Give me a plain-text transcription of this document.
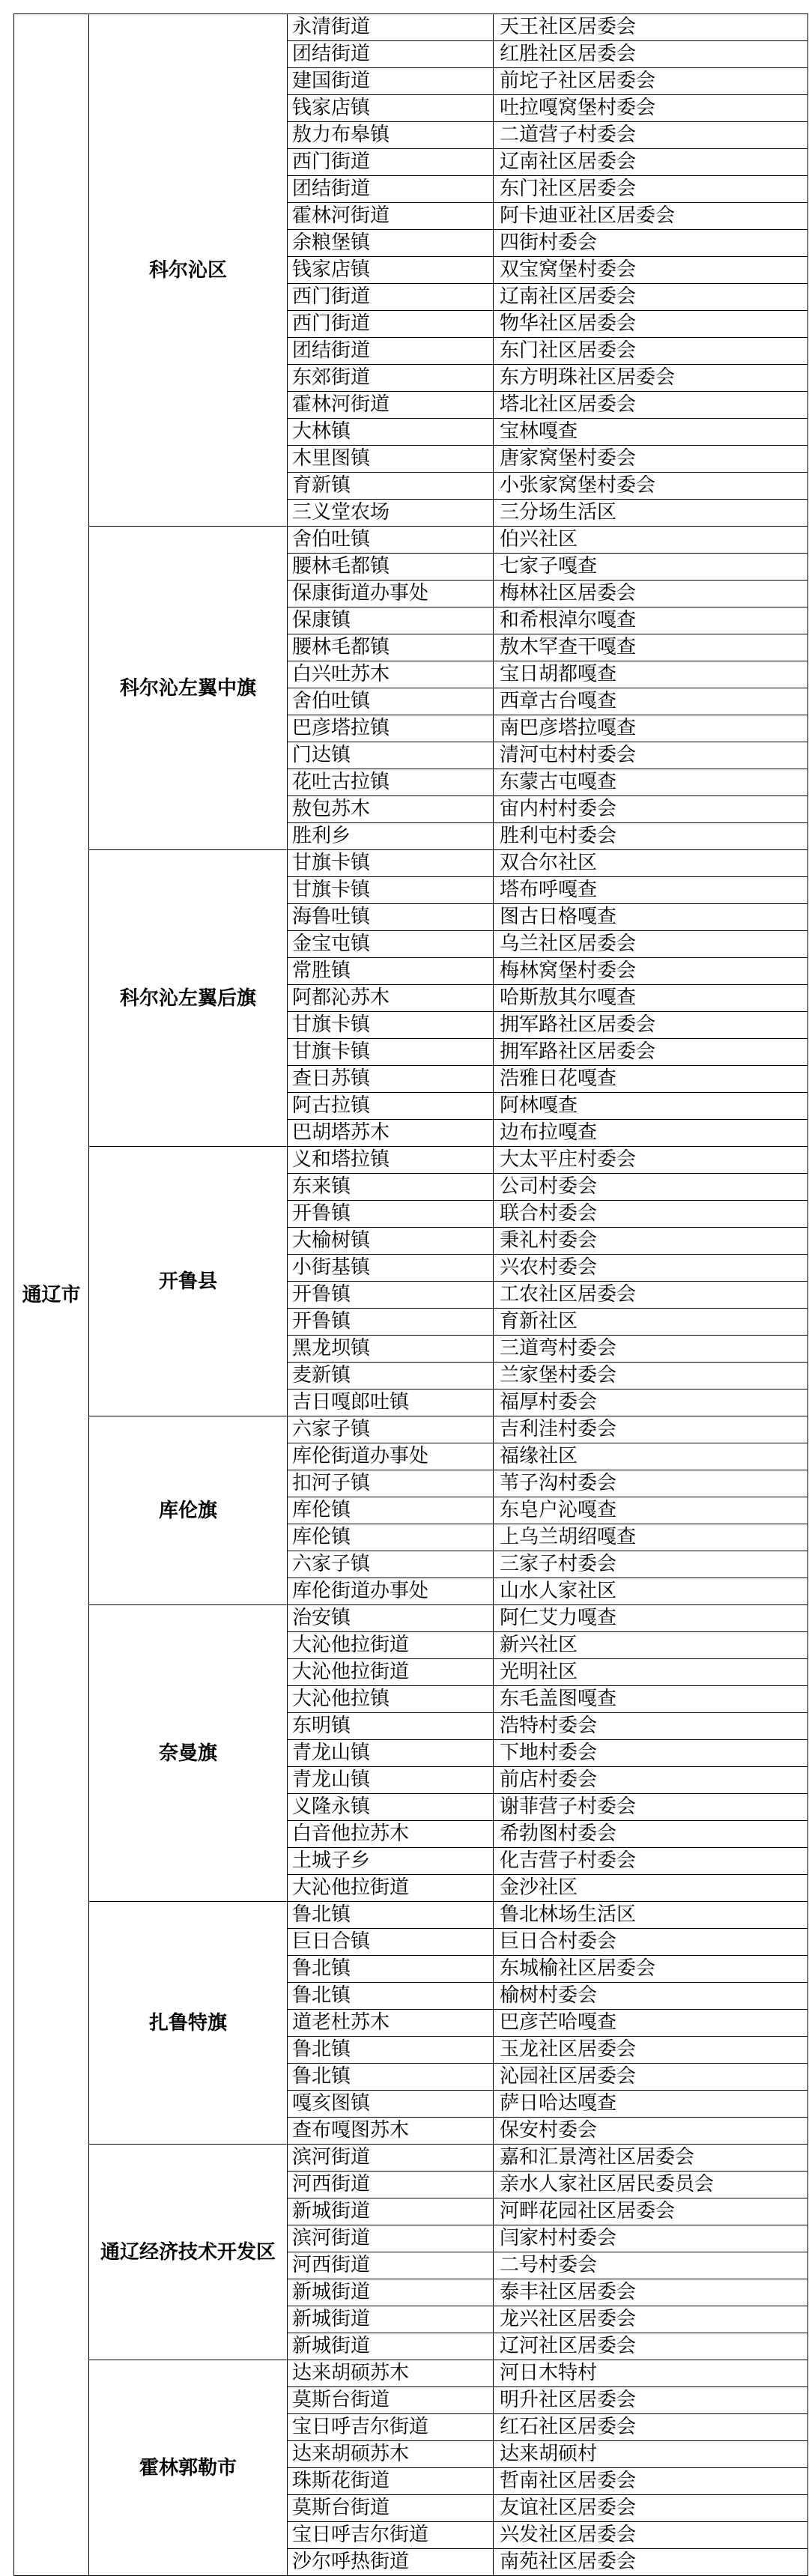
通辽市	科尔沁区	永清街道	天王社区居委会
		团结街道	红胜社区居委会
		建国街道	前坨子社区居委会
		钱家店镇	吐拉嘎窝堡村委会
		敖力布皋镇	二道营子村委会
		西门街道	辽南社区居委会
		团结街道	东门社区居委会
		霍林河街道	阿卡迪亚社区居委会
		余粮堡镇	四街村委会
		钱家店镇	双宝窝堡村委会
		西门街道	辽南社区居委会
		西门街道	物华社区居委会
		团结街道	东门社区居委会
		东郊街道	东方明珠社区居委会
		霍林河街道	塔北社区居委会
		大林镇	宝林嘎查
		木里图镇	唐家窝堡村委会
		育新镇	小张家窝堡村委会
		三义堂农场	三分场生活区
	科尔沁左翼中旗	舍伯吐镇	伯兴社区
		腰林毛都镇	七家子嘎查
		保康街道办事处	梅林社区居委会
		保康镇	和希根淖尔嘎查
		腰林毛都镇	敖木罕查干嘎查
		白兴吐苏木	宝日胡都嘎查
		舍伯吐镇	西章古台嘎查
		巴彦塔拉镇	南巴彦塔拉嘎查
		门达镇	清河屯村村委会
		花吐古拉镇	东蒙古屯嘎查
		敖包苏木	宙内村村委会
		胜利乡	胜利屯村委会
	科尔沁左翼后旗	甘旗卡镇	双合尔社区
		甘旗卡镇	塔布呼嘎查
		海鲁吐镇	图古日格嘎查
		金宝屯镇	乌兰社区居委会
		常胜镇	梅林窝堡村委会
		阿都沁苏木	哈斯敖其尔嘎查
		甘旗卡镇	拥军路社区居委会
		甘旗卡镇	拥军路社区居委会
		查日苏镇	浩雅日花嘎查
		阿古拉镇	阿林嘎查
		巴胡塔苏木	边布拉嘎查
	开鲁县	义和塔拉镇	大太平庄村委会
		东来镇	公司村委会
		开鲁镇	联合村委会
		大榆树镇	秉礼村委会
		小街基镇	兴农村委会
		开鲁镇	工农社区居委会
		开鲁镇	育新社区
		黑龙坝镇	三道弯村委会
		麦新镇	兰家堡村委会
		吉日嘎郎吐镇	福厚村委会
	库伦旗	六家子镇	吉利洼村委会
		库伦街道办事处	福缘社区
		扣河子镇	苇子沟村委会
		库伦镇	东皂户沁嘎查
		库伦镇	上乌兰胡绍嘎查
		六家子镇	三家子村委会
		库伦街道办事处	山水人家社区
	奈曼旗	治安镇	阿仁艾力嘎查
		大沁他拉街道	新兴社区
		大沁他拉街道	光明社区
		大沁他拉镇	东毛盖图嘎查
		东明镇	浩特村委会
		青龙山镇	下地村委会
		青龙山镇	前店村委会
		义隆永镇	谢菲营子村委会
		白音他拉苏木	希勃图村委会
		土城子乡	化吉营子村委会
		大沁他拉街道	金沙社区
	扎鲁特旗	鲁北镇	鲁北林场生活区
		巨日合镇	巨日合村委会
		鲁北镇	东城榆社区居委会
		鲁北镇	榆树村委会
		道老杜苏木	巴彦芒哈嘎查
		鲁北镇	玉龙社区居委会
		鲁北镇	沁园社区居委会
		嘎亥图镇	萨日哈达嘎查
		查布嘎图苏木	保安村委会
	通辽经济技术开发区	滨河街道	嘉和汇景湾社区居委会
		河西街道	亲水人家社区居民委员会
		新城街道	河畔花园社区居委会
		滨河街道	闫家村村委会
		河西街道	二号村委会
		新城街道	泰丰社区居委会
		新城街道	龙兴社区居委会
		新城街道	辽河社区居委会
	霍林郭勒市	达来胡硕苏木	河日木特村
		莫斯台街道	明升社区居委会
		宝日呼吉尔街道	红石社区居委会
		达来胡硕苏木	达来胡硕村
		珠斯花街道	哲南社区居委会
		莫斯台街道	友谊社区居委会
		宝日呼吉尔街道	兴发社区居委会
		沙尔呼热街道	南苑社区居委会
